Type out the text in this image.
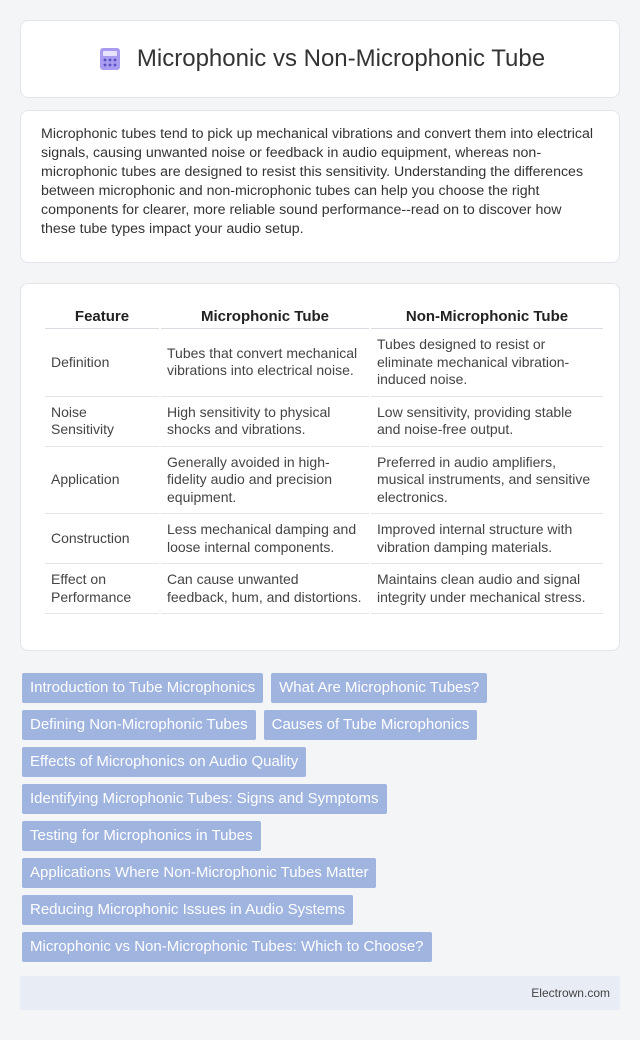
Microphonic vs Non-Microphonic Tube

Microphonic tubes tend to pick up mechanical vibrations and convert them into electrical signals, causing unwanted noise or feedback in audio equipment, whereas non-microphonic tubes are designed to resist this sensitivity. Understanding the differences between microphonic and non-microphonic tubes can help you choose the right components for clearer, more reliable sound performance--read on to discover how these tube types impact your audio setup.

Feature	Microphonic Tube	Non-Microphonic Tube
Definition	Tubes that convert mechanical vibrations into electrical noise.	Tubes designed to resist or eliminate mechanical vibration-induced noise.
Noise Sensitivity	High sensitivity to physical shocks and vibrations.	Low sensitivity, providing stable and noise-free output.
Application	Generally avoided in high-fidelity audio and precision equipment.	Preferred in audio amplifiers, musical instruments, and sensitive electronics.
Construction	Less mechanical damping and loose internal components.	Improved internal structure with vibration damping materials.
Effect on Performance	Can cause unwanted feedback, hum, and distortions.	Maintains clean audio and signal integrity under mechanical stress.
Introduction to Tube Microphonics	What Are Microphonic Tubes?
Defining Non-Microphonic Tubes	Causes of Tube Microphonics
Effects of Microphonics on Audio Quality
Identifying Microphonic Tubes: Signs and Symptoms
Testing for Microphonics in Tubes
Applications Where Non-Microphonic Tubes Matter
Reducing Microphonic Issues in Audio Systems
Microphonic vs Non-Microphonic Tubes: Which to Choose?
Electrown.com
